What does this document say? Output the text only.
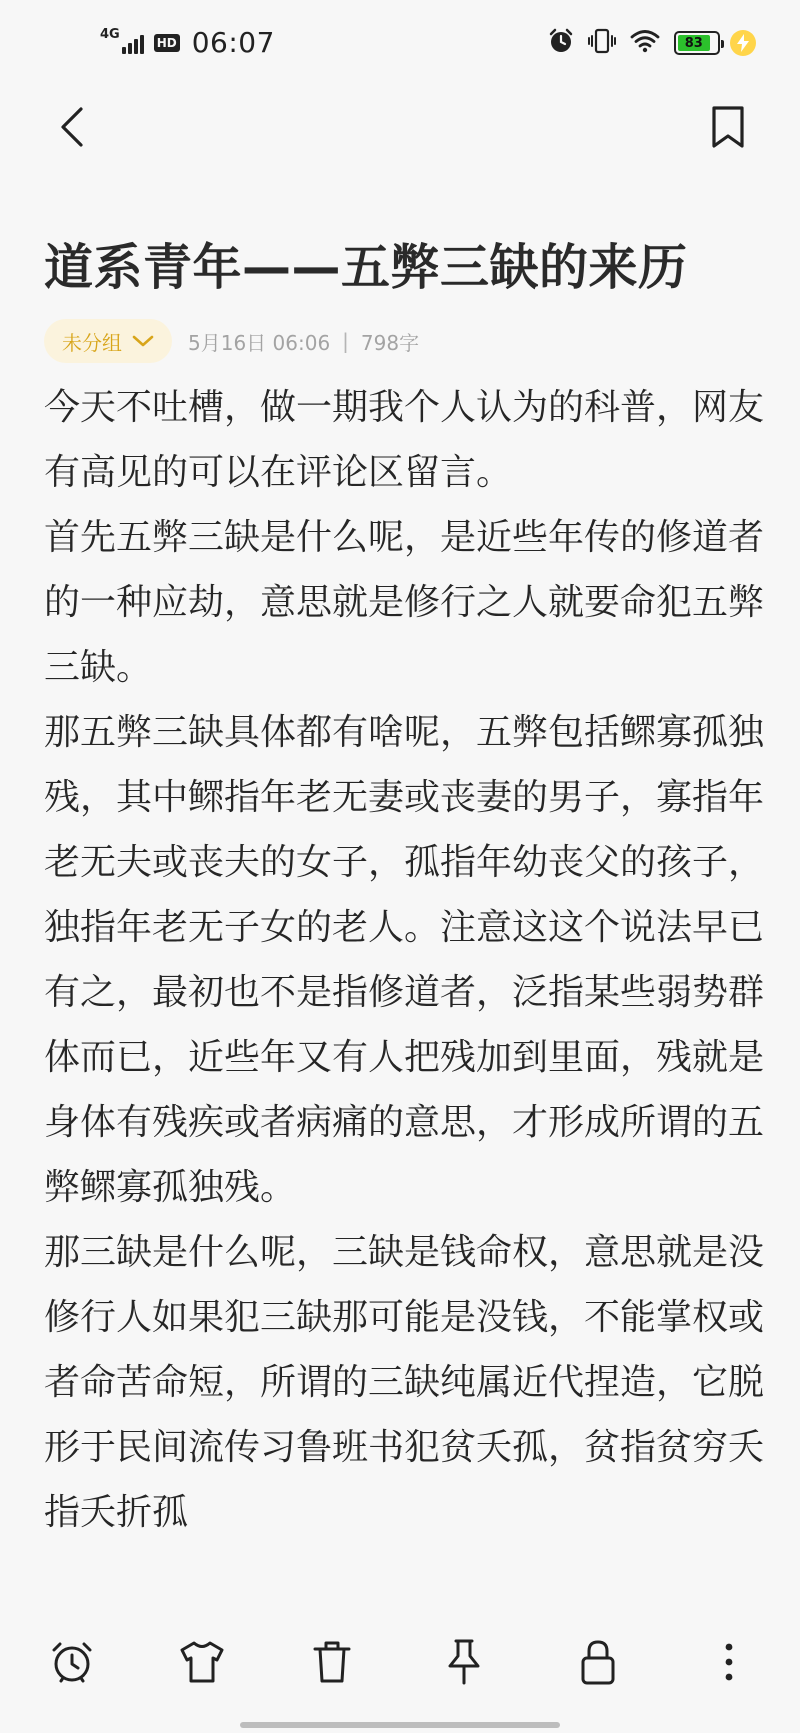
4G
HD 06:07	83
道系青年——五弊三缺的来历
未分组	5月16日 06:06 | 798字

今天不吐槽，做一期我个人认为的科普，网友有高见的可以在评论区留言。

首先五弊三缺是什么呢，是近些年传的修道者的一种应劫，意思就是修行之人就要命犯五弊三缺。

那五弊三缺具体都有啥呢，五弊包括鳏寡孤独残，其中鳏指年老无妻或丧妻的男子，寡指年老无夫或丧夫的女子，孤指年幼丧父的孩子，独指年老无子女的老人。注意这这个说法早已有之，最初也不是指修道者，泛指某些弱势群体而已，近些年又有人把残加到里面，残就是身体有残疾或者病痛的意思，才形成所谓的五弊鳏寡孤独残。

那三缺是什么呢，三缺是钱命权，意思就是没修行人如果犯三缺那可能是没钱，不能掌权或者命苦命短，所谓的三缺纯属近代捏造，它脱形于民间流传习鲁班书犯贫夭孤，贫指贫穷夭指夭折孤
